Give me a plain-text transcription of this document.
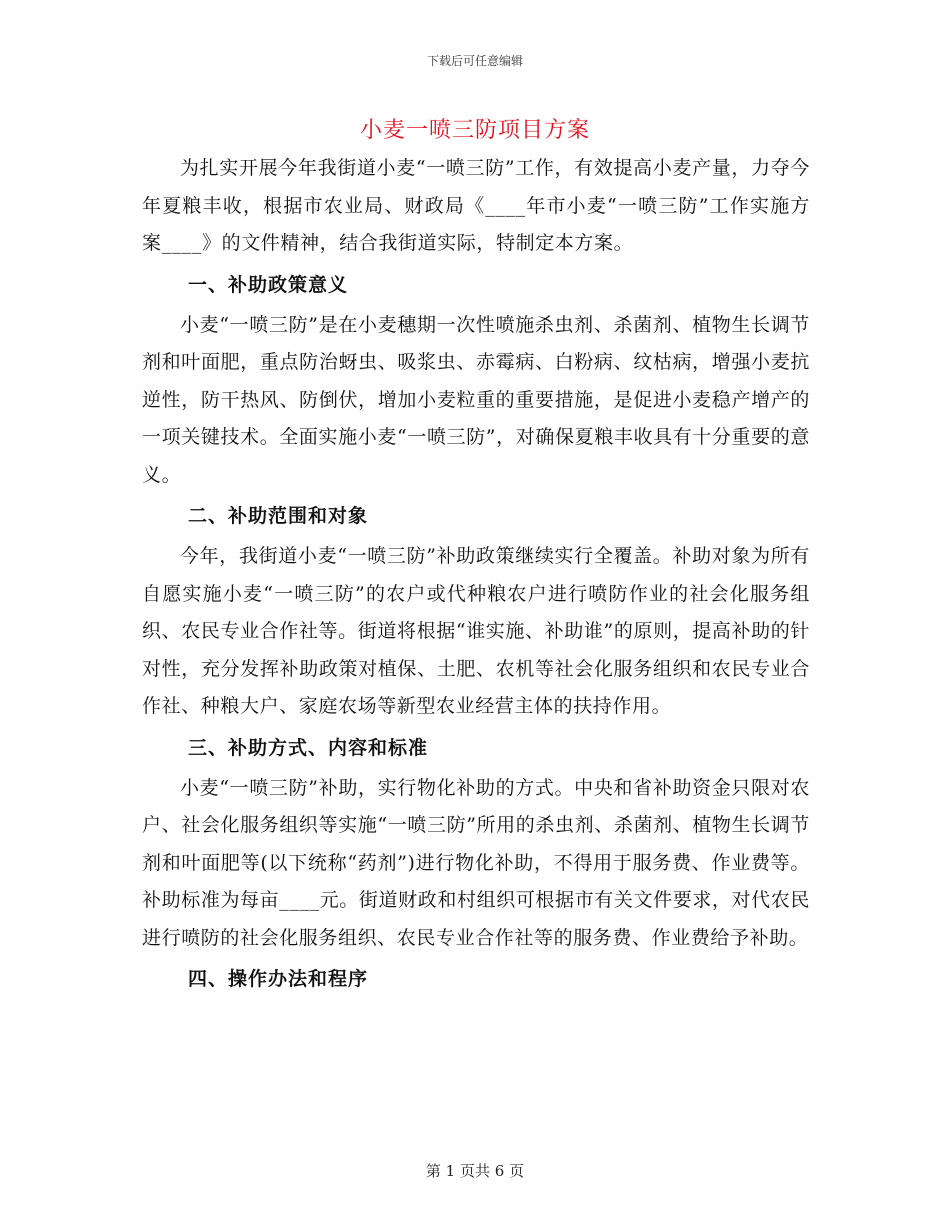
下载后可任意编辑
小麦一喷三防项目方案

为扎实开展今年我街道小麦“一喷三防”工作，有效提高小麦产量，力夺今年夏粮丰收，根据市农业局、财政局《____年市小麦“一喷三防”工作实施方案____》的文件精神，结合我街道实际，特制定本方案。

一、补助政策意义

小麦“一喷三防”是在小麦穗期一次性喷施杀虫剂、杀菌剂、植物生长调节剂和叶面肥，重点防治蚜虫、吸浆虫、赤霉病、白粉病、纹枯病，增强小麦抗逆性，防干热风、防倒伏，增加小麦粒重的重要措施，是促进小麦稳产增产的一项关键技术。全面实施小麦“一喷三防”，对确保夏粮丰收具有十分重要的意义。

二、补助范围和对象

今年，我街道小麦“一喷三防”补助政策继续实行全覆盖。补助对象为所有自愿实施小麦“一喷三防”的农户或代种粮农户进行喷防作业的社会化服务组织、农民专业合作社等。街道将根据“谁实施、补助谁”的原则，提高补助的针对性，充分发挥补助政策对植保、土肥、农机等社会化服务组织和农民专业合作社、种粮大户、家庭农场等新型农业经营主体的扶持作用。

三、补助方式、内容和标准

小麦“一喷三防”补助，实行物化补助的方式。中央和省补助资金只限对农户、社会化服务组织等实施“一喷三防”所用的杀虫剂、杀菌剂、植物生长调节剂和叶面肥等(以下统称“药剂”)进行物化补助，不得用于服务费、作业费等。补助标准为每亩____元。街道财政和村组织可根据市有关文件要求，对代农民进行喷防的社会化服务组织、农民专业合作社等的服务费、作业费给予补助。

四、操作办法和程序

第 1 页共 6 页
